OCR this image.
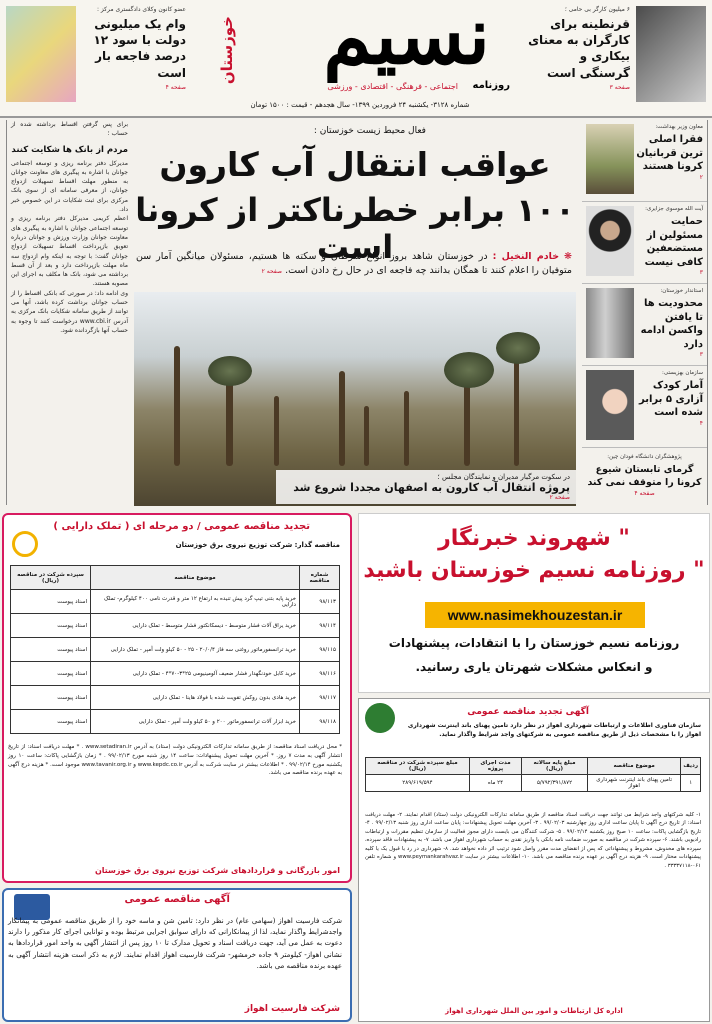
۶ میلیون کارگر بی حامی ؛
قرنطینه برای کارگران به معنای بیکاری و گرسنگی است
صفحه ۳
نسیم
خوزستان
روزنامه
اجتماعی - فرهنگی - اقتصادی - ورزشی
عضو کانون وکلای دادگستری مرکز :
وام یک میلیونی دولت با سود ۱۲ درصد فاجعه بار است
صفحه ۴
شماره ۳۱۲۸- یکشنبه ۲۴ فروردین ۱۳۹۹- سال هجدهم - قیمت : ۱۵۰۰ تومان
معاون وزیر بهداشت:
فقرا اصلی ترین قربانیان کرونا هستند
۲
آیت الله موسوی جزایری:
حمایت مسئولین از مستضعفین کافی نیست
۳
استاندار خوزستان:
محدودیت ها تا یافتن واکسن ادامه دارد
۳
سازمان بهزیستی:
آمار کودک آزاری ۵ برابر شده است
۴
پژوهشگران دانشگاه فودان چین:
گرمای تابستان شیوع کرونا را متوقف نمی کند
صفحه ۴
فعال محیط زیست خوزستان :
عواقب انتقال آب کارون
۱۰۰ برابر خطرناکتر از کرونا است	❋ خادم النخیل : در خوزستان شاهد بروز انواع سرطان و سکته ها هستیم، مسئولان میانگین آمار سن متوفیان را اعلام کنند تا همگان بدانند چه فاجعه ای در حال رخ دادن است. صفحه ۲
در سکوت مرگبار مدیران و نمایندگان مجلس ؛
پروژه انتقال آب کارون به اصفهان مجددا شروع شد
صفحه ۲

برای پس گرفتن اقساط برداشته شده از حساب ؛

مردم از بانک ها شکایت کنند

مدیرکل دفتر برنامه ریزی و توسعه اجتماعی جوانان با اشاره به پیگیری های معاونت جوانان به منظور مهلت اقساط تسهیلات ازدواج جوانان، از معرفی سامانه ای از سوی بانک مرکزی برای ثبت شکایات در این خصوص خبر داد.

اعظم کریمی مدیرکل دفتر برنامه ریزی و توسعه اجتماعی جوانان با اشاره به پیگیری های معاونت جوانان وزارت ورزش و جوانان درباره تعویق بازپرداخت اقساط تسهیلات ازدواج جوانان گفت: با توجه به اینکه وام ازدواج سه ماه مهلت بازپرداخت دارد و بعد از آن قسط برداشته می شود، بانک ها مکلف به اجرای این مصوبه هستند.

وی ادامه داد: در صورتی که بانکی اقساط را از حساب جوانان برداشت کرده باشد، آنها می توانند از طریق سامانه شکایات بانک مرکزی به آدرس www.cbi.ir درخواست کنند تا وجوه به حساب آنها بازگردانده شود.

تجدید مناقصه عمومی / دو مرحله ای ( تملک دارایی )
مناقصه گذار: شرکت توزیع نیروی برق خوزستان
شماره مناقصه	موضوع مناقصه	سپرده شرکت در مناقصه (ریال)
۹۸/۱۱۳	خرید پایه بتنی تیپ گرد پیش تنیده به ارتفاع ۱۲ متر و قدرت نامی ۴۰۰ کیلوگرم- تملک دارایی	اسناد پیوست
۹۸/۱۱۴	خرید یراق آلات فشار متوسط - دیسکانکتور فشار متوسط - تملک دارایی	اسناد پیوست
۹۸/۱۱۵	خرید ترانسفورماتور روغنی سه فاز ۲۰/۰/۴ - ۲۵ - ۵۰ کیلو ولت آمپر - تملک دارایی	اسناد پیوست
۹۸/۱۱۶	خرید کابل خودنگهدار فشار ضعیف آلومینیومی ۲۵*۳-۷۰*۴ - تملک دارایی	اسناد پیوست
۹۸/۱۱۷	خرید هادی بدون روکش تقویت شده با فولاد هاینا - تملک دارایی	اسناد پیوست
۹۸/۱۱۸	خرید ابزار آلات ترانسفورماتور ۲۰۰ و ۵۰ کیلو ولت آمپر - تملک دارایی	اسناد پیوست
* محل دریافت اسناد مناقصه: از طریق سامانه تدارکات الکترونیکی دولت (ستاد) به آدرس www.setadiran.ir . * مهلت دریافت اسناد: از تاریخ انتشار آگهی به مدت ۷ روز. * آخرین مهلت تحویل پیشنهادات: ساعت ۱۴ روز شنبه مورخ ۹۹/۰۲/۱۳ . * زمان بازگشایی پاکات: ساعت ۱۰ روز یکشنبه مورخ ۹۹/۰۲/۱۴ . * اطلاعات بیشتر در سایت شرکت به آدرس www.kepdc.co.ir و www.tavanir.org.ir موجود است. * هزینه درج آگهی به عهده برنده مناقصه می باشد.
امور بازرگانی و قراردادهای شرکت توزیع نیروی برق خوزستان
آگهی مناقصه عمومی
شرکت فارسیت اهواز (سهامی عام) در نظر دارد: تامین شن و ماسه خود را از طریق مناقصه عمومی به پیمانکار واجدشرایط واگذار نماید، لذا از پیمانکارانی که دارای سوابق اجرایی مرتبط بوده و توانایی اجرای کار مذکور را دارند دعوت به عمل می آید، جهت دریافت اسناد و تحویل مدارک تا ۱۰ روز پس از انتشار آگهی به واحد امور قراردادها به نشانی اهواز- کیلومتر ۹ جاده خرمشهر- شرکت فارسیت اهواز اقدام نمایند. لازم به ذکر است هزینه انتشار آگهی به عهده برنده مناقصه می باشد.
شرکت فارسیت اهواز
" شهروند خبرنگار
" روزنامه نسیم خوزستان باشید
www.nasimekhouzestan.ir
روزنامه نسیم خوزستان را با انتقادات، پیشنهادات
و انعکاس مشکلات شهرتان یاری رسانید.
آگهی تجدید مناقصه عمومی
سازمان فناوری اطلاعات و ارتباطات شهرداری اهواز در نظر دارد تامین پهنای باند اینترنت شهرداری اهواز را با مشخصات ذیل از طریق مناقصه عمومی به شرکتهای واجد شرایط واگذار نماید.
ردیف	موضوع مناقصه	مبلغ پایه سالانه (ریال)	مدت اجرای پروژه	مبلغ سپرده شرکت در مناقصه (ریال)
۱	تامین پهنای باند اینترنت شهرداری اهواز	۵/۷۹۲/۳۹۱/۸۷۲	۲۴ ماه	۲۸۹/۶۱۹/۵۹۴
۱- کلیه شرکتهای واجد شرایط می توانند جهت دریافت اسناد مناقصه از طریق سامانه تدارکات الکترونیکی دولت (ستاد) اقدام نمایند. ۲- مهلت دریافت اسناد: از تاریخ درج آگهی تا پایان ساعت اداری روز چهارشنبه ۹۹/۰۲/۰۳ . ۳- آخرین مهلت تحویل پیشنهادات: پایان ساعت اداری روز شنبه ۹۹/۰۲/۱۳ . ۴- تاریخ بازگشایی پاکات: ساعت ۱۰ صبح روز یکشنبه ۹۹/۰۲/۱۴ . ۵- شرکت کنندگان می بایست دارای مجوز فعالیت از سازمان تنظیم مقررات و ارتباطات رادیویی باشند. ۶- سپرده شرکت در مناقصه به صورت ضمانت نامه بانکی یا واریز نقدی به حساب شهرداری اهواز می باشد. ۷- به پیشنهادات فاقد سپرده، سپرده های مخدوش، مشروط و پیشنهاداتی که پس از انقضای مدت مقرر واصل شود ترتیب اثر داده نخواهد شد. ۸- شهرداری در رد یا قبول یک یا کلیه پیشنهادات مختار است. ۹- هزینه درج آگهی بر عهده برنده مناقصه می باشد. ۱۰- اطلاعات بیشتر در سایت www.peymankarahvaz.ir و شماره تلفن ۰۶۱-۳۳۳۳۷۱۱۸ .
اداره کل ارتباطات و امور بین الملل شهرداری اهواز
